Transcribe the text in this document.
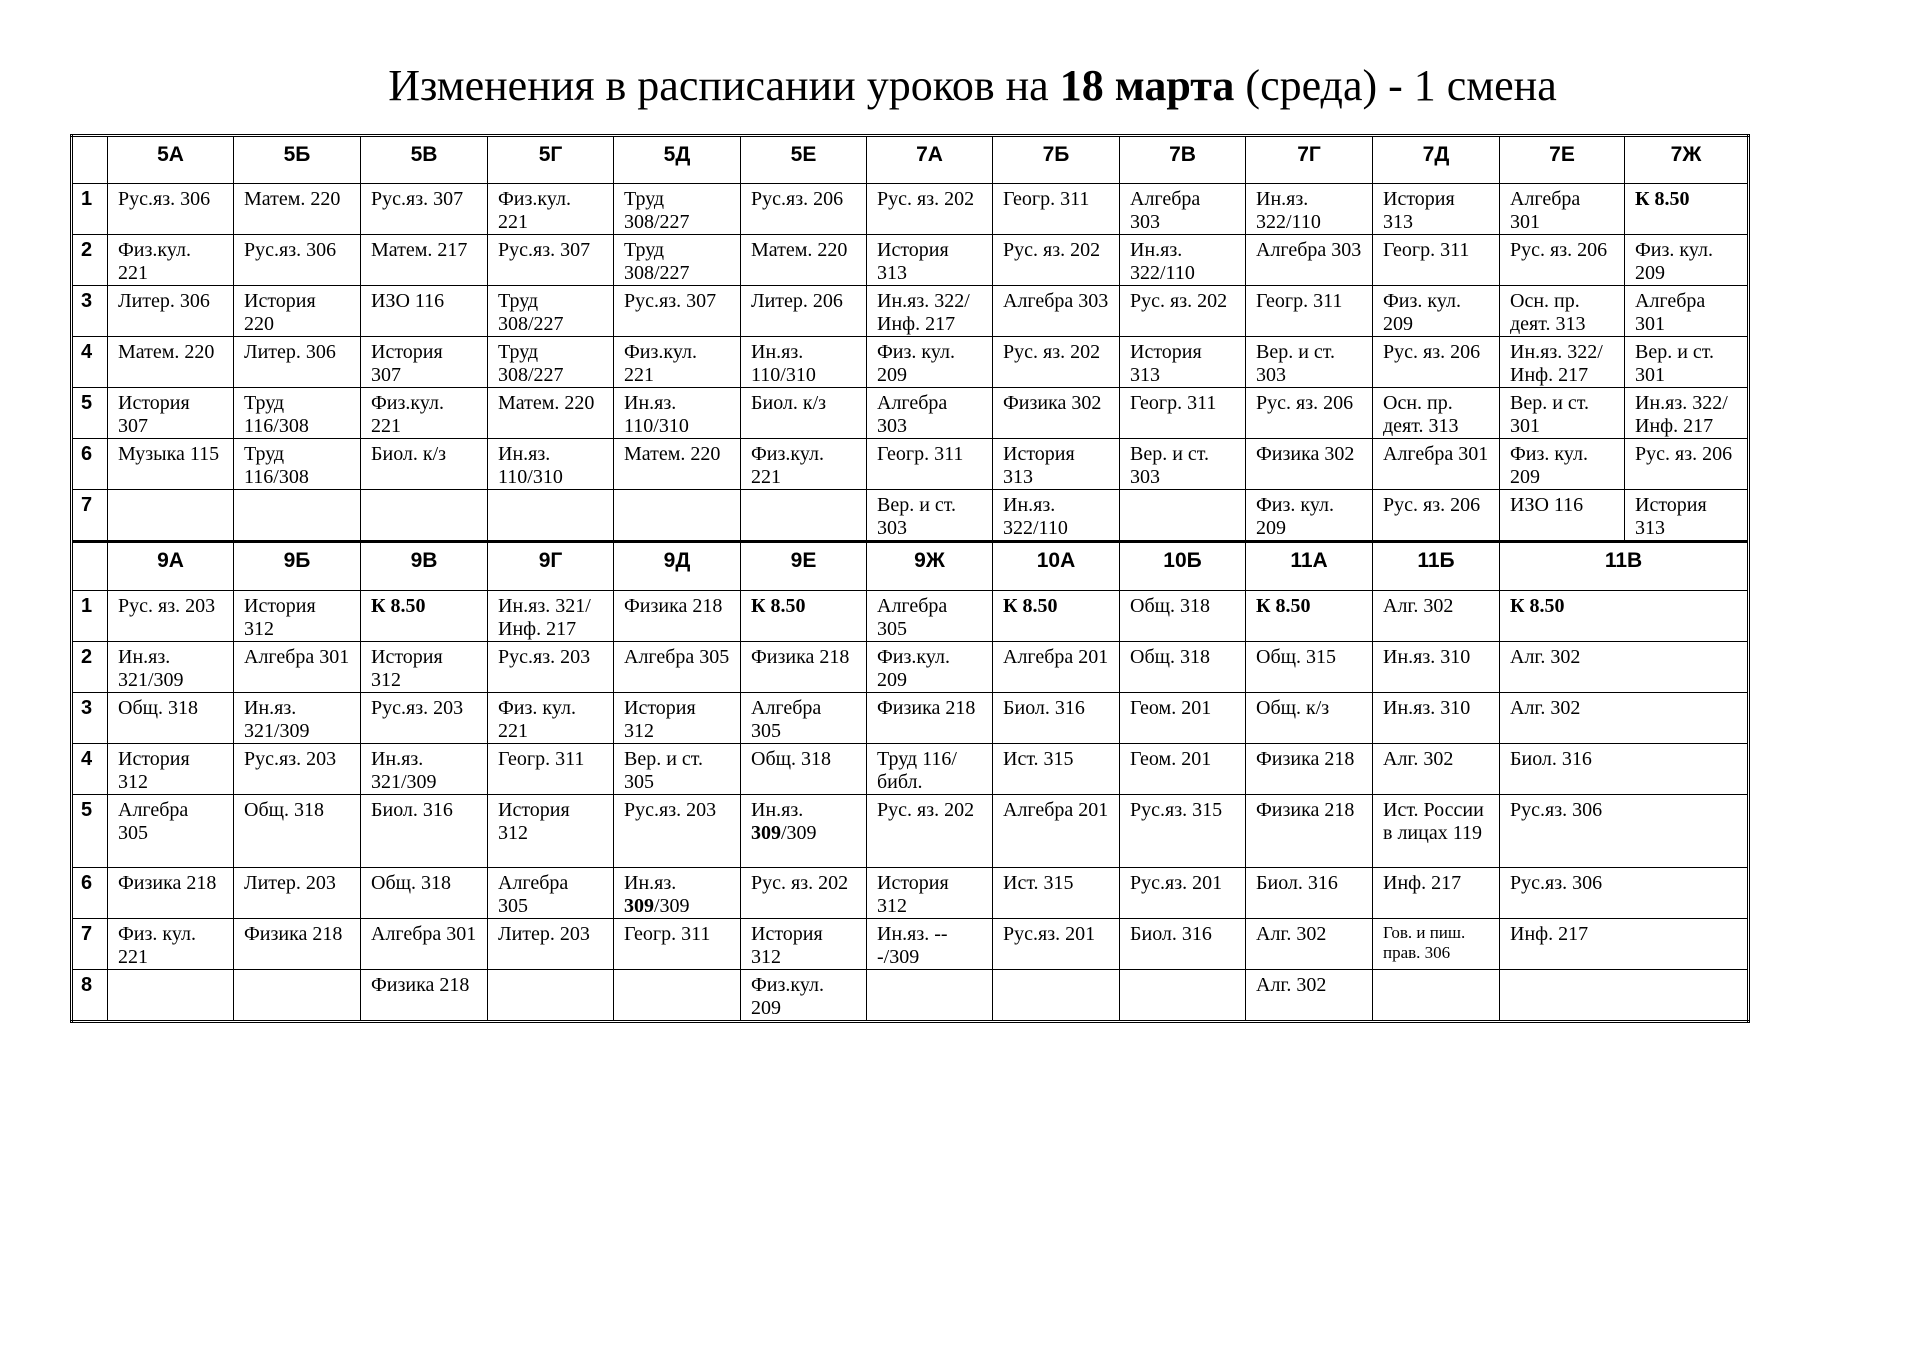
Изменения в расписании уроков на 18 марта (среда) - 1 смена
	5А	5Б	5В	5Г	5Д	5Е	7А	7Б	7В	7Г	7Д	7Е	7Ж
1	Рус.яз. 306	Матем. 220	Рус.яз. 307	Физ.кул. 221	Труд 308/227	Рус.яз. 206	Рус. яз. 202	Геогр. 311	Алгебра 303	Ин.яз. 322/110	История 313	Алгебра 301	К 8.50
2	Физ.кул. 221	Рус.яз. 306	Матем. 217	Рус.яз. 307	Труд 308/227	Матем. 220	История 313	Рус. яз. 202	Ин.яз. 322/110	Алгебра 303	Геогр. 311	Рус. яз. 206	Физ. кул. 209
3	Литер. 306	История 220	ИЗО 116	Труд 308/227	Рус.яз. 307	Литер. 206	Ин.яз. 322/ Инф. 217	Алгебра 303	Рус. яз. 202	Геогр. 311	Физ. кул. 209	Осн. пр. деят. 313	Алгебра 301
4	Матем. 220	Литер. 306	История 307	Труд 308/227	Физ.кул. 221	Ин.яз. 110/310	Физ. кул. 209	Рус. яз. 202	История 313	Вер. и ст. 303	Рус. яз. 206	Ин.яз. 322/ Инф. 217	Вер. и ст. 301
5	История 307	Труд 116/308	Физ.кул. 221	Матем. 220	Ин.яз. 110/310	Биол. к/з	Алгебра 303	Физика 302	Геогр. 311	Рус. яз. 206	Осн. пр. деят. 313	Вер. и ст. 301	Ин.яз. 322/ Инф. 217
6	Музыка 115	Труд 116/308	Биол. к/з	Ин.яз. 110/310	Матем. 220	Физ.кул. 221	Геогр. 311	История 313	Вер. и ст. 303	Физика 302	Алгебра 301	Физ. кул. 209	Рус. яз. 206
7							Вер. и ст. 303	Ин.яз. 322/110		Физ. кул. 209	Рус. яз. 206	ИЗО 116	История 313
	9А	9Б	9В	9Г	9Д	9Е	9Ж	10А	10Б	11А	11Б	11В	
1	Рус. яз. 203	История 312	К 8.50	Ин.яз. 321/ Инф. 217	Физика 218	К 8.50	Алгебра 305	К 8.50	Общ. 318	К 8.50	Алг. 302	К 8.50	
2	Ин.яз. 321/309	Алгебра 301	История 312	Рус.яз. 203	Алгебра 305	Физика 218	Физ.кул. 209	Алгебра 201	Общ. 318	Общ. 315	Ин.яз. 310	Алг. 302	
3	Общ. 318	Ин.яз. 321/309	Рус.яз. 203	Физ. кул. 221	История 312	Алгебра 305	Физика 218	Биол. 316	Геом. 201	Общ. к/з	Ин.яз. 310	Алг. 302	
4	История 312	Рус.яз. 203	Ин.яз. 321/309	Геогр. 311	Вер. и ст. 305	Общ. 318	Труд 116/библ.	Ист. 315	Геом. 201	Физика 218	Алг. 302	Биол. 316	
5	Алгебра 305	Общ. 318	Биол. 316	История 312	Рус.яз. 203	Ин.яз. 309/309	Рус. яз. 202	Алгебра 201	Рус.яз. 315	Физика 218	Ист. России в лицах 119	Рус.яз. 306	
6	Физика 218	Литер. 203	Общ. 318	Алгебра 305	Ин.яз. 309/309	Рус. яз. 202	История 312	Ист. 315	Рус.яз. 201	Биол. 316	Инф. 217	Рус.яз. 306	
7	Физ. кул. 221	Физика 218	Алгебра 301	Литер. 203	Геогр. 311	История 312	Ин.яз. ---/309	Рус.яз. 201	Биол. 316	Алг. 302	Гов. и пиш. прав. 306	Инф. 217	
8			Физика 218			Физ.кул. 209				Алг. 302			
